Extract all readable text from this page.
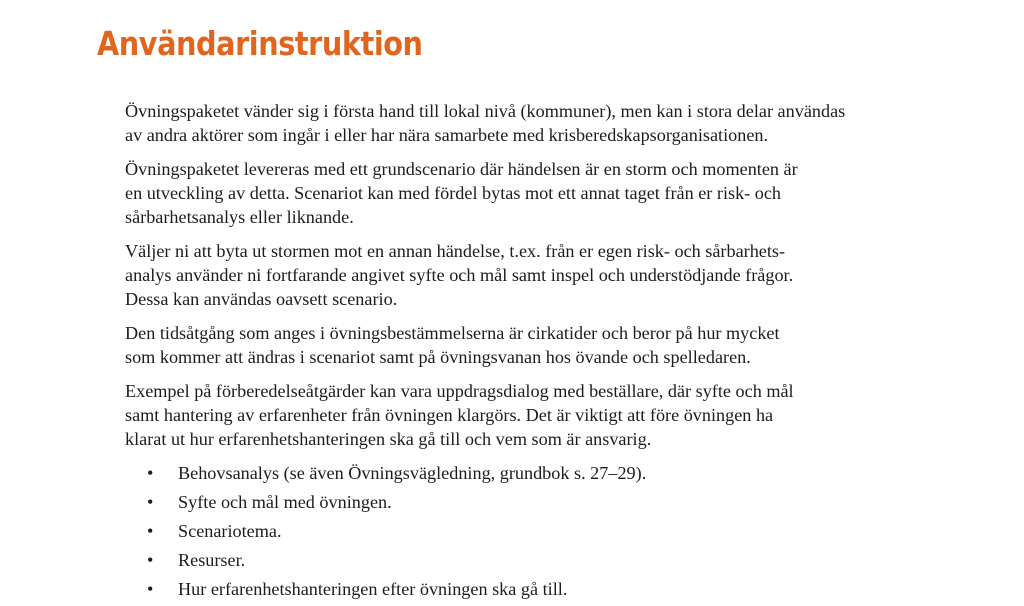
Användarinstruktion

Övningspaketet vänder sig i första hand till lokal nivå (kommuner), men kan i stora delar användas
av andra aktörer som ingår i eller har nära samarbete med krisberedskapsorganisationen.

Övningspaketet levereras med ett grundscenario där händelsen är en storm och momenten är
en utveckling av detta. Scenariot kan med fördel bytas mot ett annat taget från er risk- och
sårbarhetsanalys eller liknande.

Väljer ni att byta ut stormen mot en annan händelse, t.ex. från er egen risk- och sårbarhets-
analys använder ni fortfarande angivet syfte och mål samt inspel och understödjande frågor.
Dessa kan användas oavsett scenario.

Den tidsåtgång som anges i övningsbestämmelserna är cirkatider och beror på hur mycket
som kommer att ändras i scenariot samt på övningsvanan hos övande och spelledaren.

Exempel på förberedelseåtgärder kan vara uppdragsdialog med beställare, där syfte och mål
samt hantering av erfarenheter från övningen klargörs. Det är viktigt att före övningen ha
klarat ut hur erfarenhetshanteringen ska gå till och vem som är ansvarig.

• Behovsanalys (se även Övningsvägledning, grundbok s. 27–29).
• Syfte och mål med övningen.
• Scenariotema.
• Resurser.
• Hur erfarenhetshanteringen efter övningen ska gå till.
